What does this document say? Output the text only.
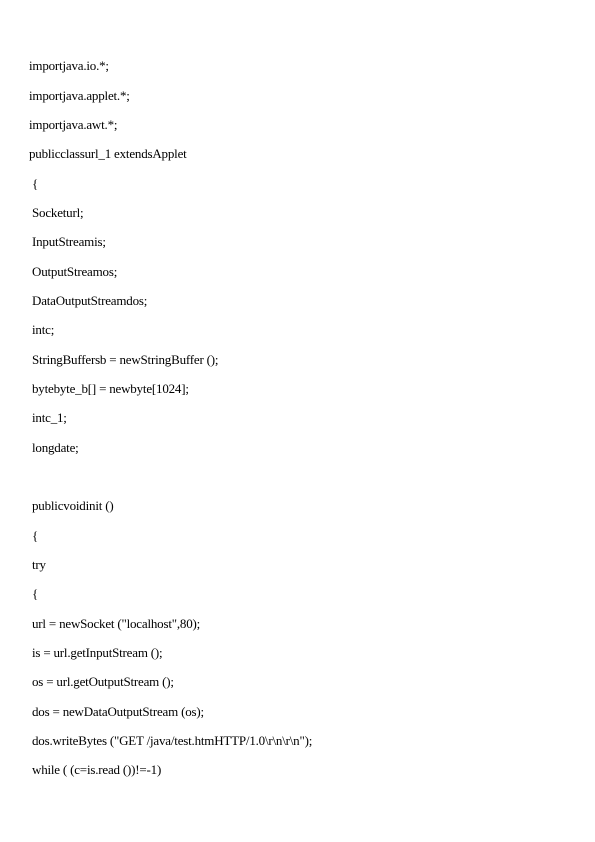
importjava.io.*;
importjava.applet.*;
importjava.awt.*;
publicclassurl_1 extendsApplet
{
Socketurl;
InputStreamis;
OutputStreamos;
DataOutputStreamdos;
intc;
StringBuffersb = newStringBuffer ();
bytebyte_b[] = newbyte[1024];
intc_1;
longdate;
publicvoidinit ()
{
try
{
url = newSocket ("localhost",80);
is = url.getInputStream ();
os = url.getOutputStream ();
dos = newDataOutputStream (os);
dos.writeBytes ("GET /java/test.htmHTTP/1.0\r\n\r\n");
while ( (c=is.read ())!=-1)
